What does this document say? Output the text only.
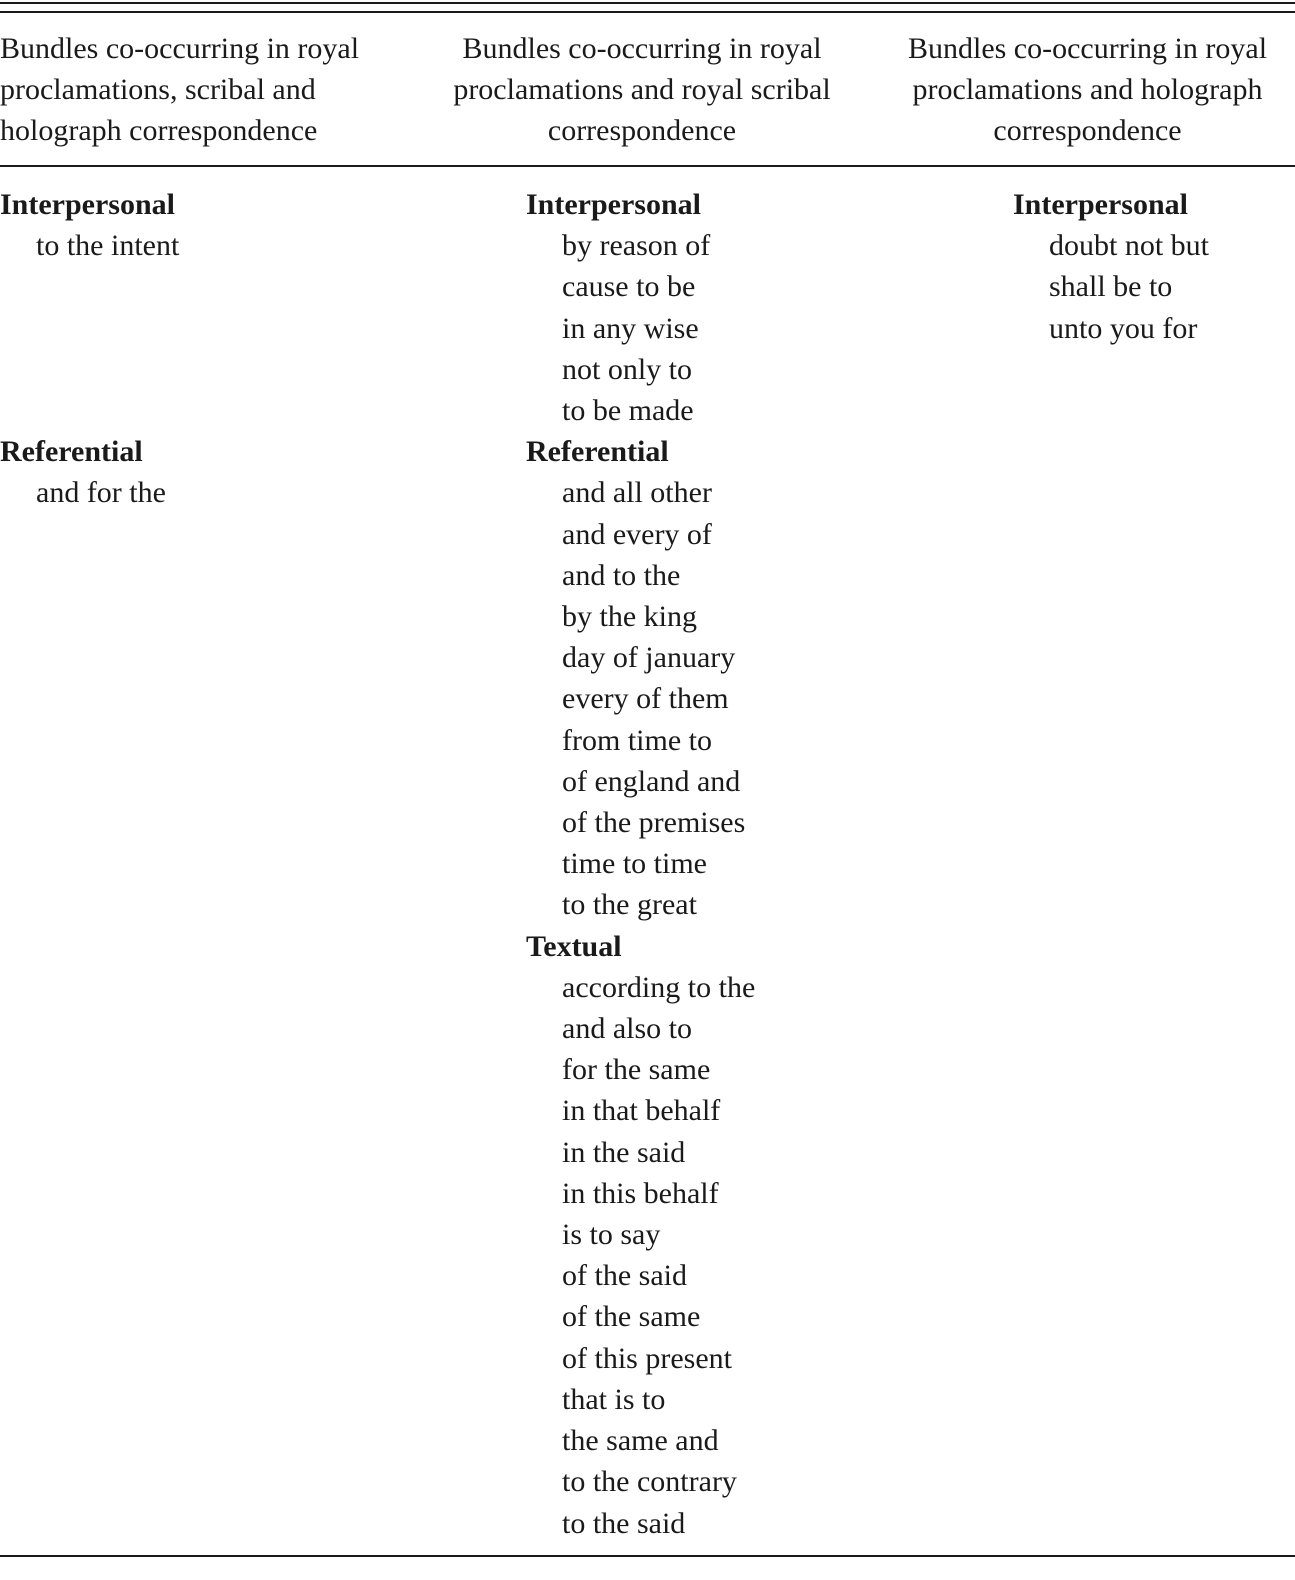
Bundles co-occurring in royal proclamations, scribal and holograph correspondence
Bundles co-occurring in royal proclamations and royal scribal correspondence
Bundles co-occurring in royal proclamations and holograph correspondence
Interpersonal
to the intent
Referential
and for the
Interpersonal
by reason of
cause to be
in any wise
not only to
to be made
Referential
and all other
and every of
and to the
by the king
day of january
every of them
from time to
of england and
of the premises
time to time
to the great
Textual
according to the
and also to
for the same
in that behalf
in the said
in this behalf
is to say
of the said
of the same
of this present
that is to
the same and
to the contrary
to the said
Interpersonal
doubt not but
shall be to
unto you for
